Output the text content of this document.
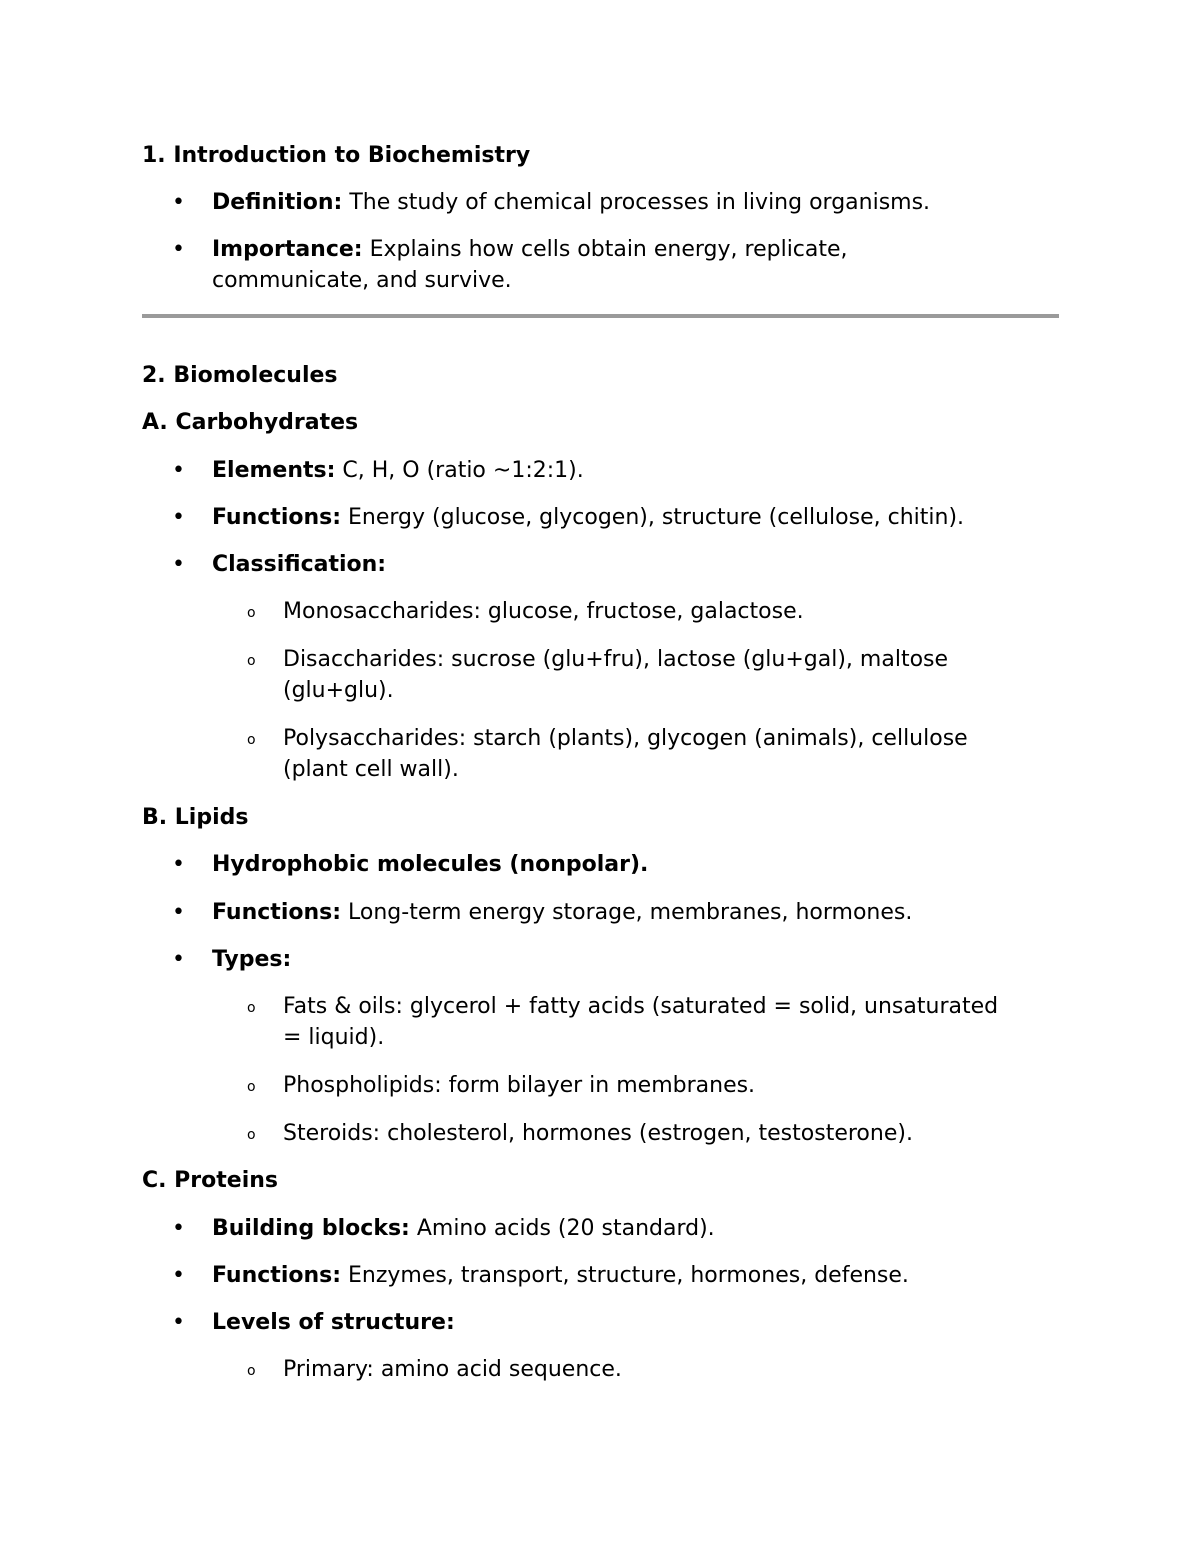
1. Introduction to Biochemistry

• Definition: The study of chemical processes in living organisms.

• Importance: Explains how cells obtain energy, replicate,

communicate, and survive.

2. Biomolecules

A. Carbohydrates

• Elements: C, H, O (ratio ~1:2:1).

• Functions: Energy (glucose, glycogen), structure (cellulose, chitin).

• Classification:

o Monosaccharides: glucose, fructose, galactose.

o Disaccharides: sucrose (glu+fru), lactose (glu+gal), maltose

(glu+glu).

o Polysaccharides: starch (plants), glycogen (animals), cellulose

(plant cell wall).

B. Lipids

• Hydrophobic molecules (nonpolar).

• Functions: Long-term energy storage, membranes, hormones.

• Types:

o Fats & oils: glycerol + fatty acids (saturated = solid, unsaturated

= liquid).

o Phospholipids: form bilayer in membranes.

o Steroids: cholesterol, hormones (estrogen, testosterone).

C. Proteins

• Building blocks: Amino acids (20 standard).

• Functions: Enzymes, transport, structure, hormones, defense.

• Levels of structure:

o Primary: amino acid sequence.
